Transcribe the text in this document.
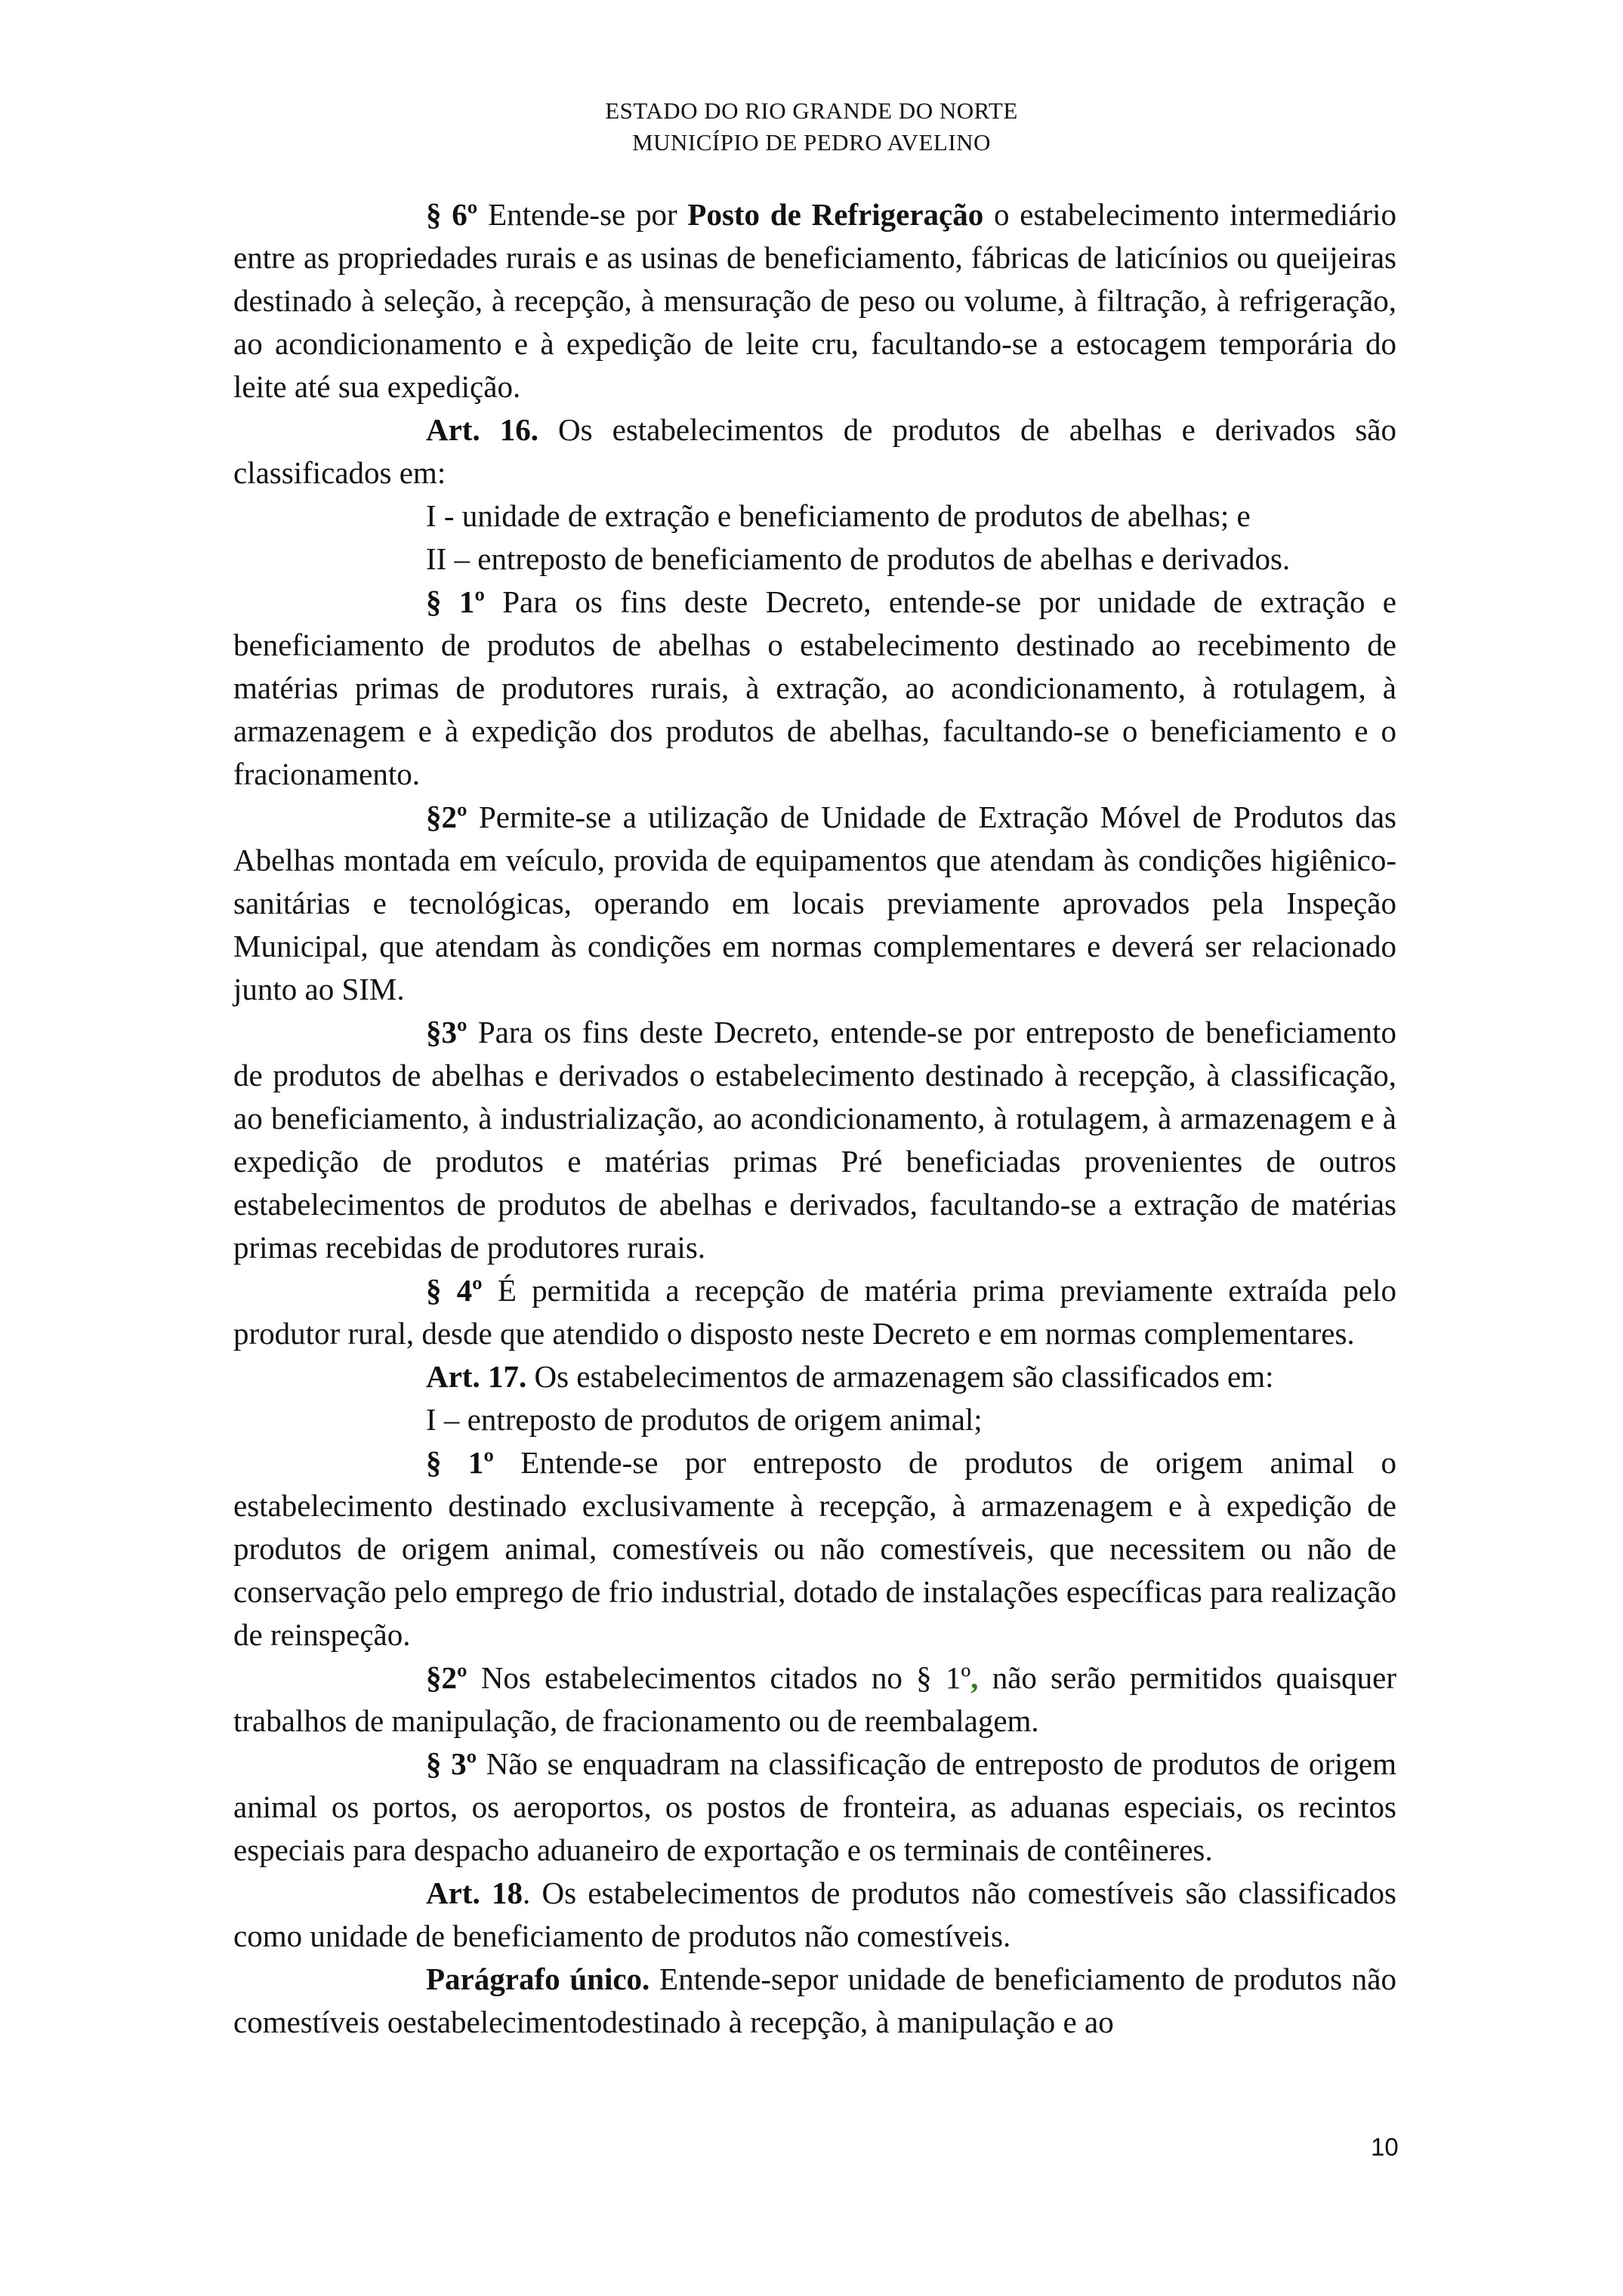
ESTADO DO RIO GRANDE DO NORTE
MUNICÍPIO DE PEDRO AVELINO

§ 6º Entende-se por Posto de Refrigeração o estabelecimento intermediário entre as propriedades rurais e as usinas de beneficiamento, fábricas de laticínios ou queijeiras destinado à seleção, à recepção, à mensuração de peso ou volume, à filtração, à refrigeração, ao acondicionamento e à expedição de leite cru, facultando-se a estocagem temporária do leite até sua expedição.

Art. 16. Os estabelecimentos de produtos de abelhas e derivados são classificados em:

I - unidade de extração e beneficiamento de produtos de abelhas; e

II – entreposto de beneficiamento de produtos de abelhas e derivados.

§ 1º Para os fins deste Decreto, entende-se por unidade de extração e beneficiamento de produtos de abelhas o estabelecimento destinado ao recebimento de matérias primas de produtores rurais, à extração, ao acondicionamento, à rotulagem, à armazenagem e à expedição dos produtos de abelhas, facultando-se o beneficiamento e o fracionamento.

§2º Permite-se a utilização de Unidade de Extração Móvel de Produtos das Abelhas montada em veículo, provida de equipamentos que atendam às condições higiênico-sanitárias e tecnológicas, operando em locais previamente aprovados pela Inspeção Municipal, que atendam às condições em normas complementares e deverá ser relacionado junto ao SIM.

§3º Para os fins deste Decreto, entende-se por entreposto de beneficiamento de produtos de abelhas e derivados o estabelecimento destinado à recepção, à classificação, ao beneficiamento, à industrialização, ao acondicionamento, à rotulagem, à armazenagem e à expedição de produtos e matérias primas Pré beneficiadas provenientes de outros estabelecimentos de produtos de abelhas e derivados, facultando-se a extração de matérias primas recebidas de produtores rurais.

§ 4º É permitida a recepção de matéria prima previamente extraída pelo produtor rural, desde que atendido o disposto neste Decreto e em normas complementares.

Art. 17. Os estabelecimentos de armazenagem são classificados em:

I – entreposto de produtos de origem animal;

§ 1º Entende-se por entreposto de produtos de origem animal o estabelecimento destinado exclusivamente à recepção, à armazenagem e à expedição de produtos de origem animal, comestíveis ou não comestíveis, que necessitem ou não de conservação pelo emprego de frio industrial, dotado de instalações específicas para realização de reinspeção.

§2º Nos estabelecimentos citados no § 1º, não serão permitidos quaisquer trabalhos de manipulação, de fracionamento ou de reembalagem.

§ 3º Não se enquadram na classificação de entreposto de produtos de origem animal os portos, os aeroportos, os postos de fronteira, as aduanas especiais, os recintos especiais para despacho aduaneiro de exportação e os terminais de contêineres.

Art. 18. Os estabelecimentos de produtos não comestíveis são classificados como unidade de beneficiamento de produtos não comestíveis.

Parágrafo único. Entende-sepor unidade de beneficiamento de produtos não comestíveis oestabelecimentodestinado à recepção, à manipulação e ao

10
